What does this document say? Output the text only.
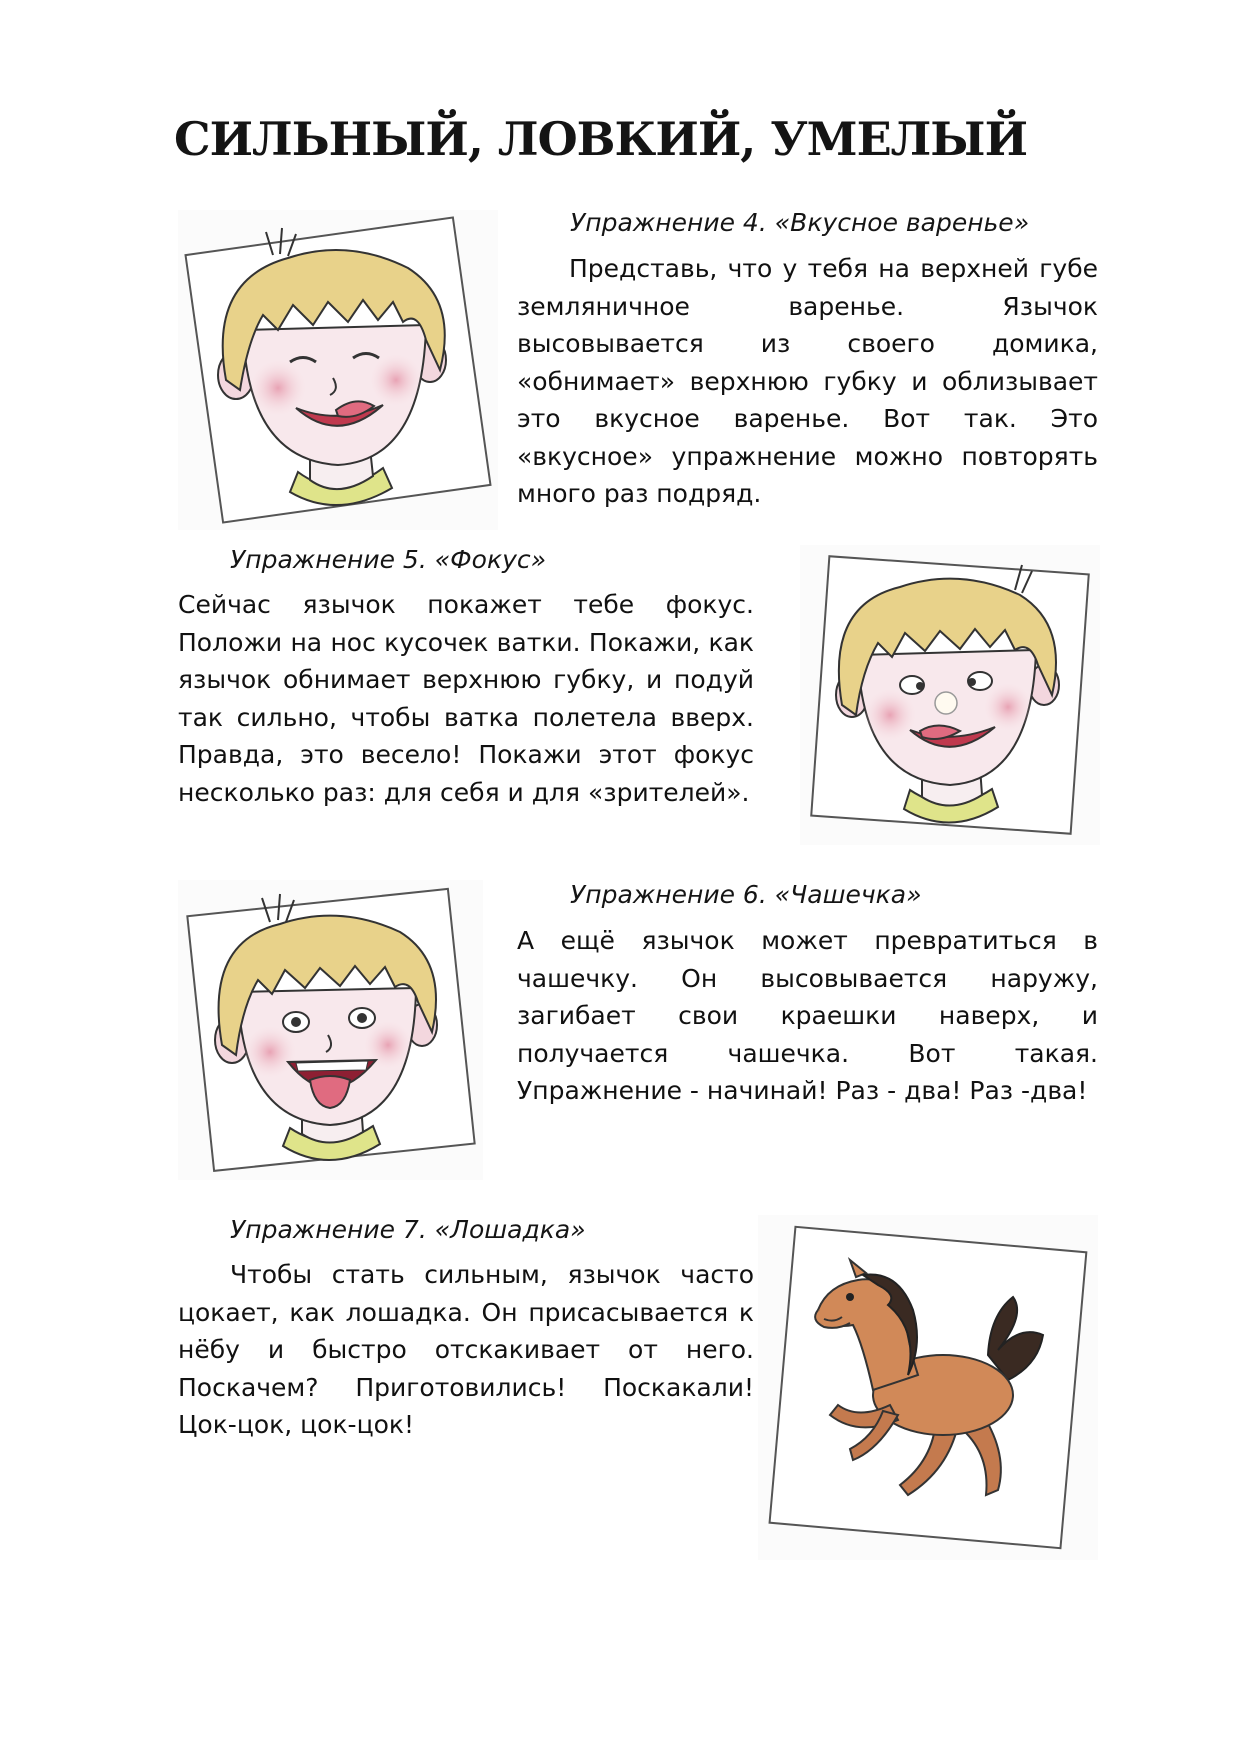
СИЛЬНЫЙ, ЛОВКИЙ, УМЕЛЫЙ
Упражнение 4. «Вкусное варенье»

Представь, что у тебя на верхней губе земляничное варенье. Язычок высовывается из своего домика, «обнимает» верхнюю губку и облизывает это вкусное варенье. Вот так. Это «вкусное» упражнение можно повторять много раз подряд.

Упражнение 5. «Фокус»

Сейчас язычок покажет тебе фокус. Положи на нос кусочек ватки. Покажи, как язычок обнимает верхнюю губку, и подуй так сильно, чтобы ватка полетела вверх. Правда, это весело! Покажи этот фокус несколько раз: для себя и для «зрителей».

Упражнение 6. «Чашечка»

А ещё язычок может превратиться в чашечку. Он высовывается наружу, загибает свои краешки наверх, и получается чашечка. Вот такая. Упражнение - начинай! Раз - два! Раз -два!

Упражнение 7. «Лошадка»

Чтобы стать сильным, язычок часто цокает, как лошадка. Он присасывается к нёбу и быстро отскакивает от него. Поскачем? Приготовились! Поскакали! Цок-цок, цок-цок!
